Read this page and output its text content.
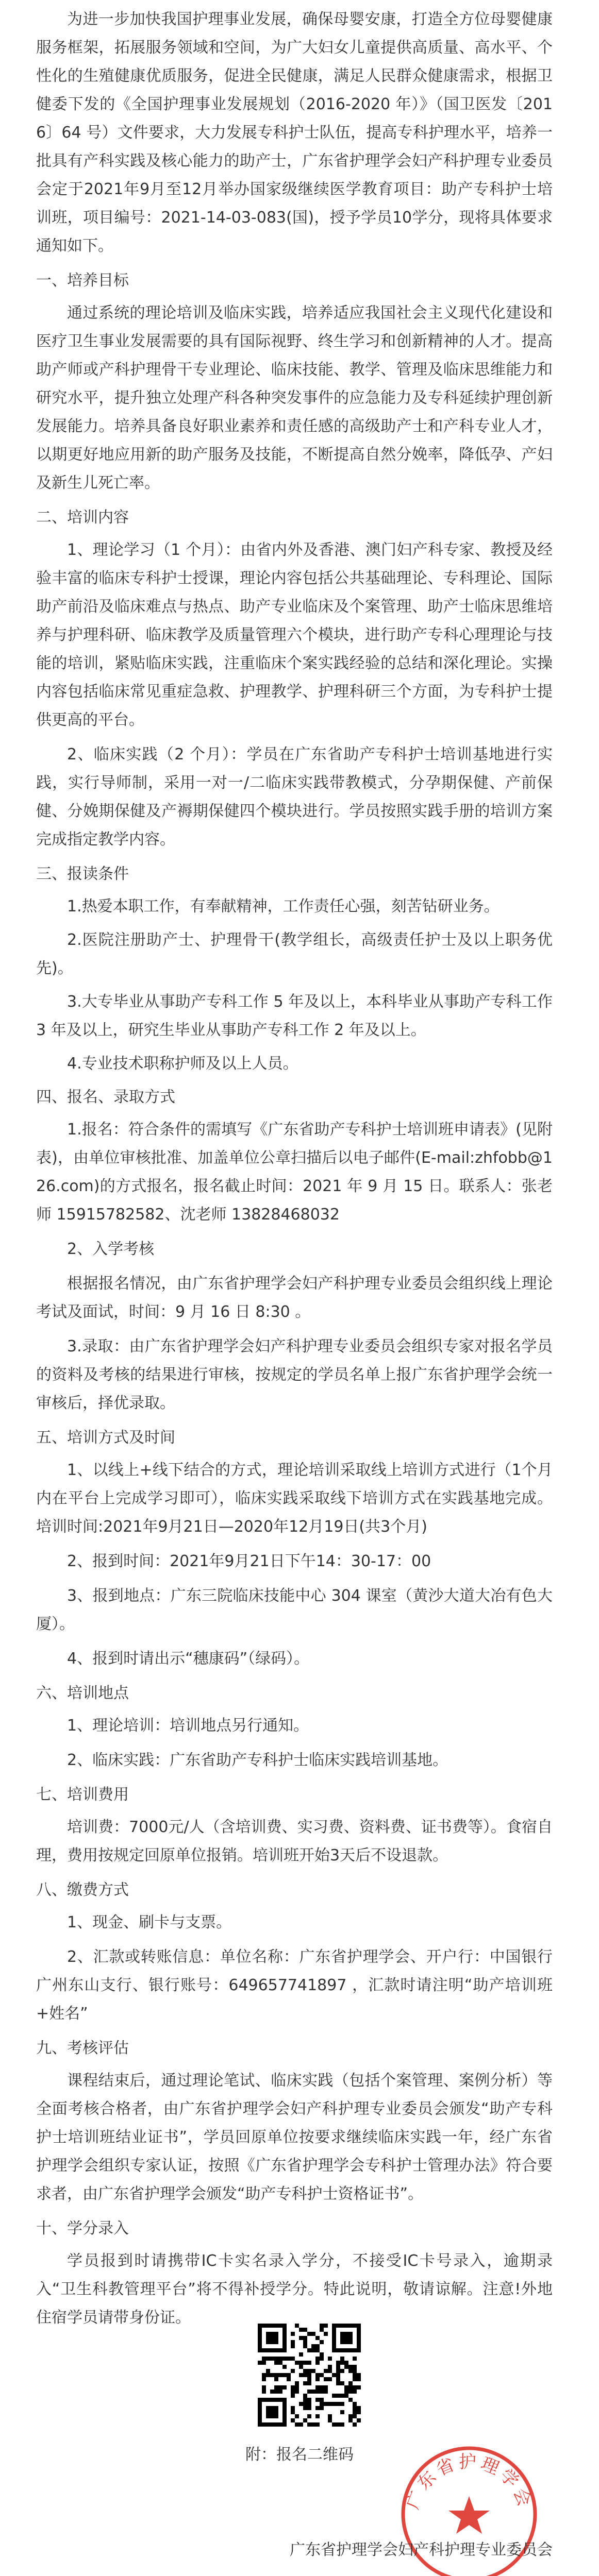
为进一步加快我国护理事业发展，确保母婴安康，打造全方位母婴健康服务框架，拓展服务领域和空间，为广大妇女儿童提供高质量、高水平、个性化的生殖健康优质服务，促进全民健康，满足人民群众健康需求，根据卫健委下发的《全国护理事业发展规划（2016-2020 年）》（国卫医发〔2016〕64 号）文件要求，大力发展专科护士队伍，提高专科护理水平，培养一批具有产科实践及核心能力的助产士，广东省护理学会妇产科护理专业委员会定于2021年9月至12月举办国家级继续医学教育项目：助产专科护士培训班，项目编号：2021-14-03-083(国)，授予学员10学分，现将具体要求通知如下。

一、培养目标

通过系统的理论培训及临床实践，培养适应我国社会主义现代化建设和医疗卫生事业发展需要的具有国际视野、终生学习和创新精神的人才。提高助产师或产科护理骨干专业理论、临床技能、教学、管理及临床思维能力和研究水平，提升独立处理产科各种突发事件的应急能力及专科延续护理创新发展能力。培养具备良好职业素养和责任感的高级助产士和产科专业人才，以期更好地应用新的助产服务及技能，不断提高自然分娩率，降低孕、产妇及新生儿死亡率。

二、培训内容

1、理论学习（1 个月）：由省内外及香港、澳门妇产科专家、教授及经验丰富的临床专科护士授课，理论内容包括公共基础理论、专科理论、国际助产前沿及临床难点与热点、助产专业临床及个案管理、助产士临床思维培养与护理科研、临床教学及质量管理六个模块，进行助产专科心理理论与技能的培训，紧贴临床实践，注重临床个案实践经验的总结和深化理论。实操内容包括临床常见重症急救、护理教学、护理科研三个方面，为专科护士提供更高的平台。

2、临床实践（2 个月）：学员在广东省助产专科护士培训基地进行实践，实行导师制，采用一对一/二临床实践带教模式，分孕期保健、产前保健、分娩期保健及产褥期保健四个模块进行。学员按照实践手册的培训方案完成指定教学内容。

三、报读条件

1.热爱本职工作，有奉献精神，工作责任心强，刻苦钻研业务。

2.医院注册助产士、护理骨干(教学组长，高级责任护士及以上职务优先)。

3.大专毕业从事助产专科工作 5 年及以上，本科毕业从事助产专科工作 3 年及以上，研究生毕业从事助产专科工作 2 年及以上。

4.专业技术职称护师及以上人员。

四、报名、录取方式

1.报名：符合条件的需填写《广东省助产专科护士培训班申请表》(见附表)，由单位审核批准、加盖单位公章扫描后以电子邮件(E-mail:zhfobb@126.com)的方式报名，报名截止时间：2021 年 9 月 15 日。联系人：张老师 15915782582、沈老师 13828468032

2、入学考核

根据报名情况，由广东省护理学会妇产科护理专业委员会组织线上理论考试及面试，时间：9 月 16 日 8:30 。

3.录取：由广东省护理学会妇产科护理专业委员会组织专家对报名学员的资料及考核的结果进行审核，按规定的学员名单上报广东省护理学会统一审核后，择优录取。

五、培训方式及时间

1、以线上+线下结合的方式，理论培训采取线上培训方式进行（1个月内在平台上完成学习即可），临床实践采取线下培训方式在实践基地完成。培训时间:2021年9月21日—2020年12月19日(共3个月)

2、报到时间：2021年9月21日下午14：30-17：00

3、报到地点：广东三院临床技能中心 304 课室（黄沙大道大冶有色大厦）。

4、报到时请出示“穗康码”（绿码）。

六、培训地点

1、理论培训：培训地点另行通知。

2、临床实践：广东省助产专科护士临床实践培训基地。

七、培训费用

培训费：7000元/人（含培训费、实习费、资料费、证书费等）。食宿自理，费用按规定回原单位报销。培训班开始3天后不设退款。

八、缴费方式

1、现金、刷卡与支票。

2、汇款或转账信息：单位名称：广东省护理学会、开户行：中国银行广州东山支行、银行账号：649657741897 ，汇款时请注明“助产培训班+姓名”

九、考核评估

课程结束后，通过理论笔试、临床实践（包括个案管理、案例分析）等全面考核合格者，由广东省护理学会妇产科护理专业委员会颁发“助产专科护士培训班结业证书”，学员回原单位按要求继续临床实践一年，经广东省护理学会组织专家认证，按照《广东省护理学会专科护士管理办法》符合要求者，由广东省护理学会颁发“助产专科护士资格证书”。

十、学分录入

学员报到时请携带IC卡实名录入学分，不接受IC卡号录入，逾期录入“卫生科教管理平台”将不得补授学分。特此说明，敬请谅解。注意!外地住宿学员请带身份证。

附：报名二维码
广东省护理学会
广东省护理学会妇产科护理专业委员会
